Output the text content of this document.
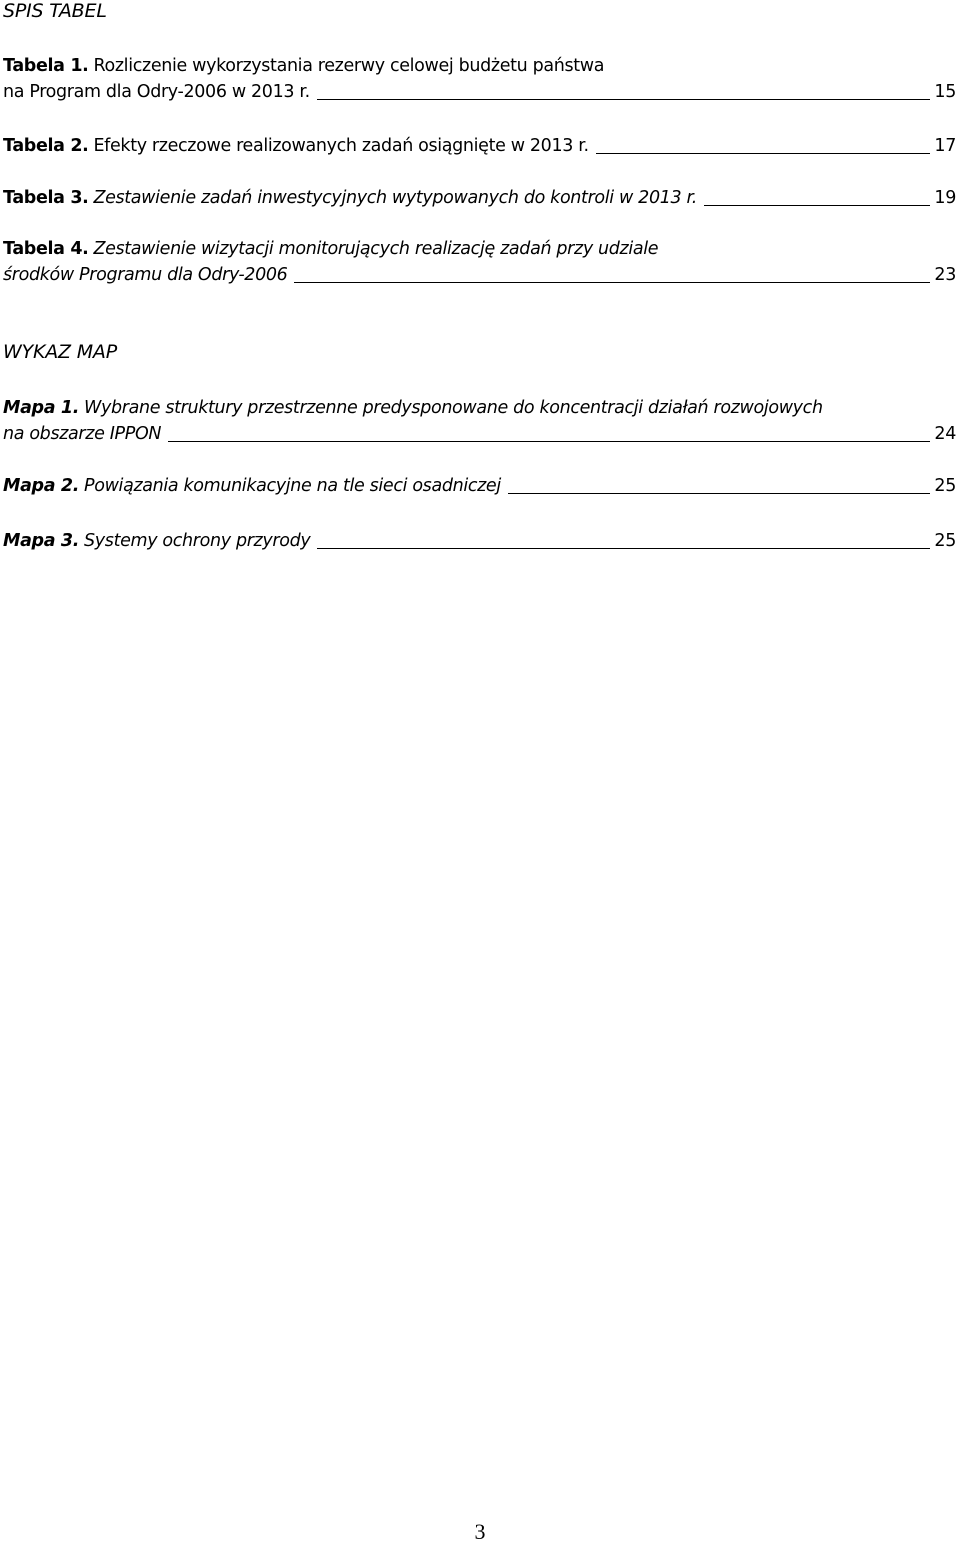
SPIS TABEL
Tabela 1. Rozliczenie wykorzystania rezerwy celowej budżetu państwa
na Program dla Odry-2006 w 2013 r.	15
Tabela 2. Efekty rzeczowe realizowanych zadań osiągnięte w 2013 r.	17
Tabela 3. Zestawienie zadań inwestycyjnych wytypowanych do kontroli w 2013 r.	19
Tabela 4. Zestawienie wizytacji monitorujących realizację zadań przy udziale
środków Programu dla Odry-2006	23
WYKAZ MAP
Mapa 1. Wybrane struktury przestrzenne predysponowane do koncentracji działań rozwojowych
na obszarze IPPON	24
Mapa 2. Powiązania komunikacyjne na tle sieci osadniczej	25
Mapa 3. Systemy ochrony przyrody	25
3
